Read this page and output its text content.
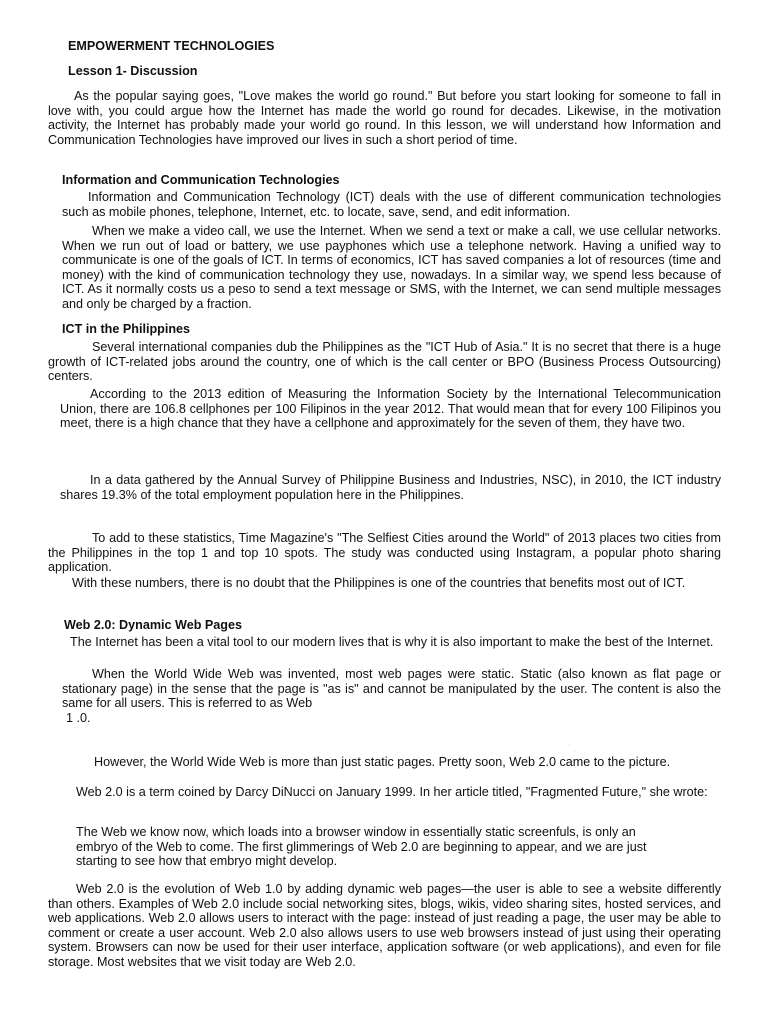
EMPOWERMENT TECHNOLOGIES
Lesson 1- Discussion

As the popular saying goes, "Love makes the world go round." But before you start looking for someone to fall in love with, you could argue how the Internet has made the world go round for decades. Likewise, in the motivation activity, the Internet has probably made your world go round. In this lesson, we will understand how Information and Communication Technologies have improved our lives in such a short period of time.

Information and Communication Technologies

Information and Communication Technology (ICT) deals with the use of different communication technologies such as mobile phones, telephone, Internet, etc. to locate, save, send, and edit information.

When we make a video call, we use the Internet. When we send a text or make a call, we use cellular networks. When we run out of load or battery, we use payphones which use a telephone network. Having a unified way to communicate is one of the goals of ICT. In terms of economics, ICT has saved companies a lot of resources (time and money) with the kind of communication technology they use, nowadays. In a similar way, we spend less because of ICT. As it normally costs us a peso to send a text message or SMS, with the Internet, we can send multiple messages and only be charged by a fraction.

ICT in the Philippines

Several international companies dub the Philippines as the "ICT Hub of Asia." It is no secret that there is a huge growth of ICT-related jobs around the country, one of which is the call center or BPO (Business Process Outsourcing) centers.

According to the 2013 edition of Measuring the Information Society by the International Telecommunication Union, there are 106.8 cellphones per 100 Filipinos in the year 2012. That would mean that for every 100 Filipinos you meet, there is a high chance that they have a cellphone and approximately for the seven of them, they have two.

In a data gathered by the Annual Survey of Philippine Business and Industries, NSC), in 2010, the ICT industry shares 19.3% of the total employment population here in the Philippines.

To add to these statistics, Time Magazine's "The Selfiest Cities around the World" of 2013 places two cities from the Philippines in the top 1 and top 10 spots. The study was conducted using Instagram, a popular photo sharing application.

With these numbers, there is no doubt that the Philippines is one of the countries that benefits most out of ICT.

Web 2.0: Dynamic Web Pages

The Internet has been a vital tool to our modern lives that is why it is also important to make the best of the Internet.

When the World Wide Web was invented, most web pages were static. Static (also known as flat page or stationary page) in the sense that the page is "as is" and cannot be manipulated by the user. The content is also the same for all users. This is referred to as Web

1 .0.

·
·

However, the World Wide Web is more than just static pages. Pretty soon, Web 2.0 came to the picture.

Web 2.0 is a term coined by Darcy DiNucci on January 1999. In her article titled, "Fragmented Future," she wrote:

The Web we know now, which loads into a browser window in essentially static screenfuls, is only an embryo of the Web to come. The first glimmerings of Web 2.0 are beginning to appear, and we are just starting to see how that embryo might develop.

Web 2.0 is the evolution of Web 1.0 by adding dynamic web pages—the user is able to see a website differently than others. Examples of Web 2.0 include social networking sites, blogs, wikis, video sharing sites, hosted services, and web applications. Web 2.0 allows users to interact with the page: instead of just reading a page, the user may be able to comment or create a user account. Web 2.0 also allows users to use web browsers instead of just using their operating system. Browsers can now be used for their user interface, application software (or web applications), and even for file storage. Most websites that we visit today are Web 2.0.
